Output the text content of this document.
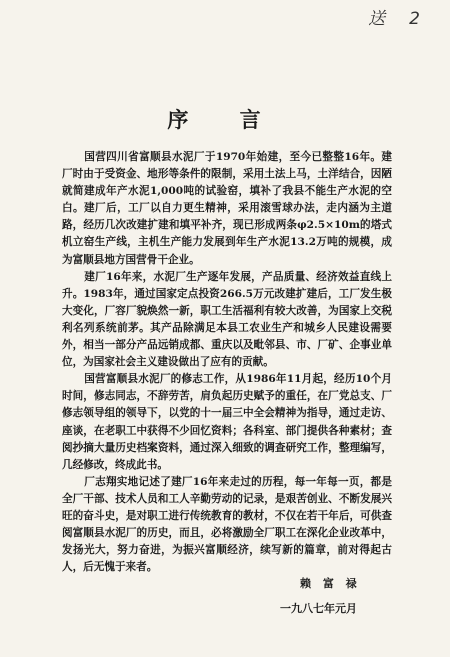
送 2
序 言

国营四川省富顺县水泥厂于1970年始建，至今已整整16年。建厂时由于受资金、地形等条件的限制，采用土法上马，土洋结合，因陋就简建成年产水泥1,000吨的试验窑，填补了我县不能生产水泥的空白。建厂后，工厂以自力更生精神，采用滚雪球办法，走内涵为主道路，经历几次改建扩建和填平补齐，现已形成两条φ2.5×10m的塔式机立窑生产线，主机生产能力发展到年生产水泥13.2万吨的规模，成为富顺县地方国营骨干企业。

建厂16年来，水泥厂生产逐年发展，产品质量、经济效益直线上升。1983年，通过国家定点投资266.5万元改建扩建后，工厂发生极大变化，厂容厂貌焕然一新，职工生活福利有较大改善，为国家上交税利名列系统前茅。其产品除满足本县工农业生产和城乡人民建设需要外，相当一部分产品远销成都、重庆以及毗邻县、市、厂矿、企事业单位，为国家社会主义建设做出了应有的贡献。

国营富顺县水泥厂的修志工作，从1986年11月起，经历10个月时间，修志同志，不辞劳苦，肩负起历史赋予的重任，在厂党总支、厂修志领导组的领导下，以党的十一届三中全会精神为指导，通过走访、座谈，在老职工中获得不少回忆资料；各科室、部门提供各种素材；查阅抄摘大量历史档案资料，通过深入细致的调查研究工作，整理编写，几经修改，终成此书。

厂志翔实地记述了建厂16年来走过的历程，每一年每一页，都是全厂干部、技术人员和工人辛勤劳动的记录，是艰苦创业、不断发展兴旺的奋斗史，是对职工进行传统教育的教材，不仅在若干年后，可供查阅富顺县水泥厂的历史，而且，必将激励全厂职工在深化企业改革中，发扬光大，努力奋进，为振兴富顺经济，续写新的篇章，前对得起古人，后无愧于来者。

赖 富 禄
一九八七年元月
